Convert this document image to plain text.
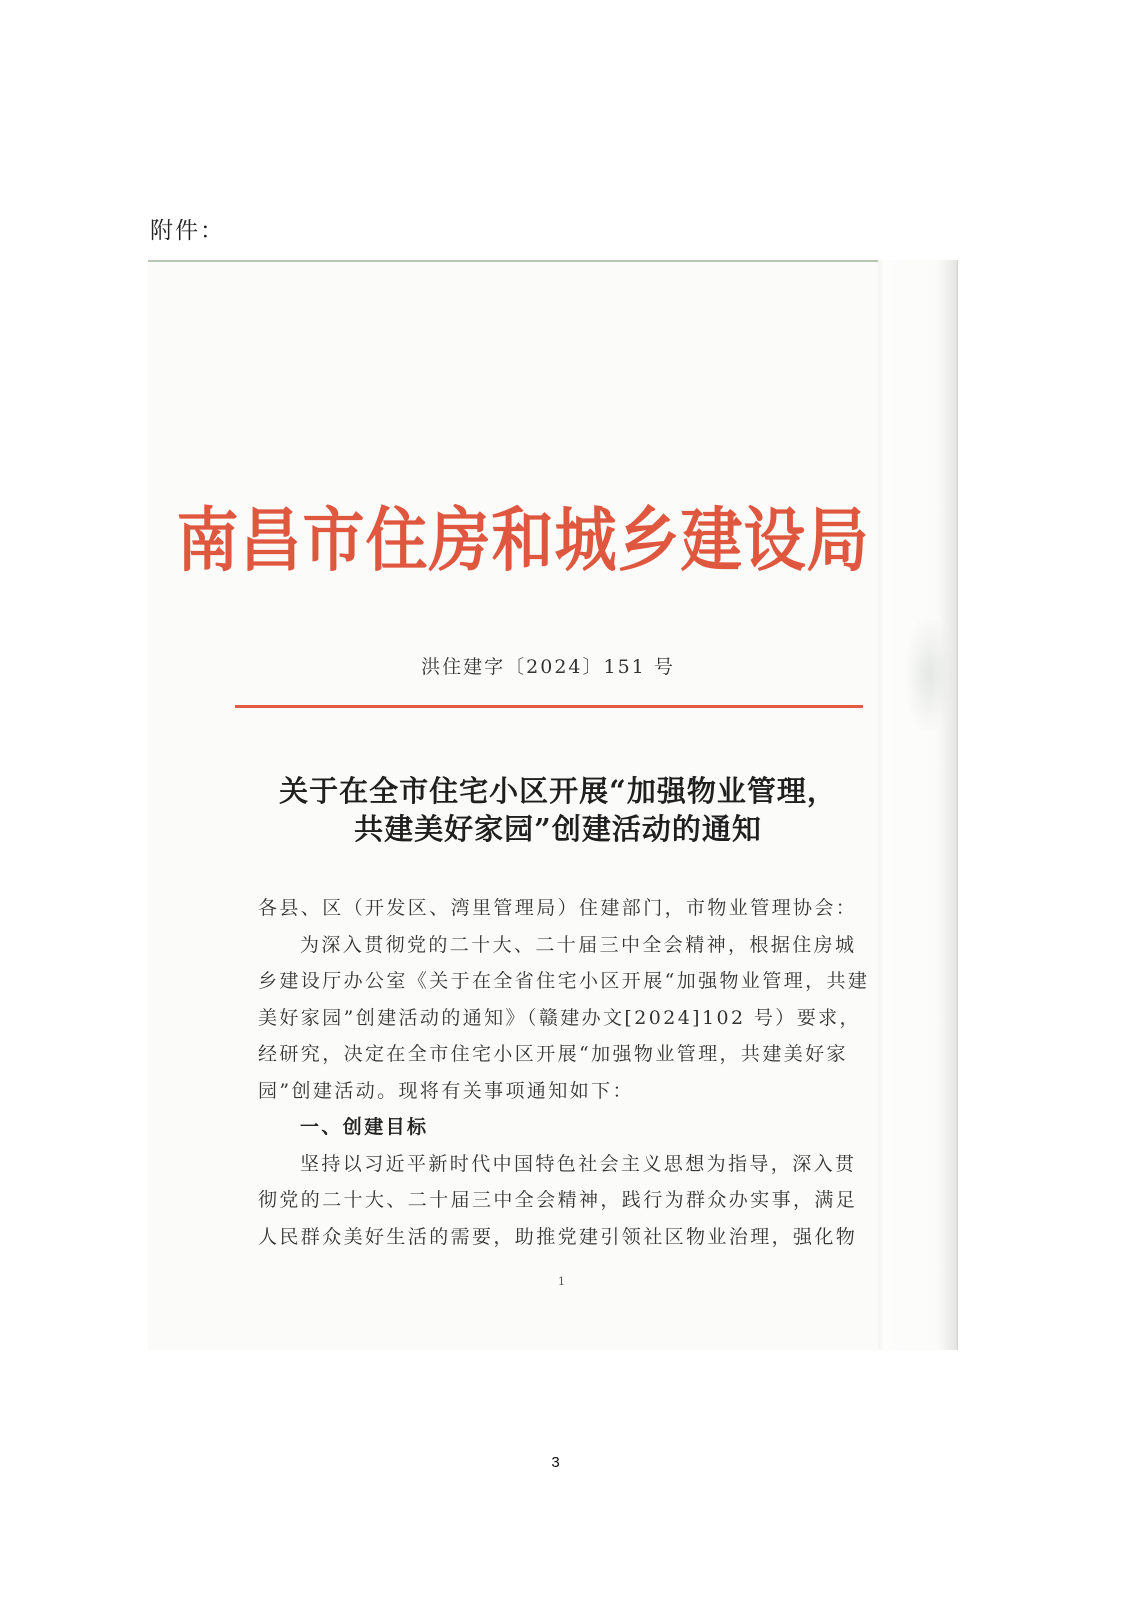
附件：
南昌市住房和城乡建设局
洪住建字〔2024〕151 号
关于在全市住宅小区开展“加强物业管理，
共建美好家园”创建活动的通知

各县、区（开发区、湾里管理局）住建部门，市物业管理协会：

为深入贯彻党的二十大、二十届三中全会精神，根据住房城乡建设厅办公室《关于在全省住宅小区开展“加强物业管理，共建美好家园”创建活动的通知》（赣建办文[2024]102 号）要求，经研究，决定在全市住宅小区开展“加强物业管理，共建美好家园”创建活动。现将有关事项通知如下：

一、创建目标

坚持以习近平新时代中国特色社会主义思想为指导，深入贯彻党的二十大、二十届三中全会精神，践行为群众办实事，满足人民群众美好生活的需要，助推党建引领社区物业治理，强化物

1
3
